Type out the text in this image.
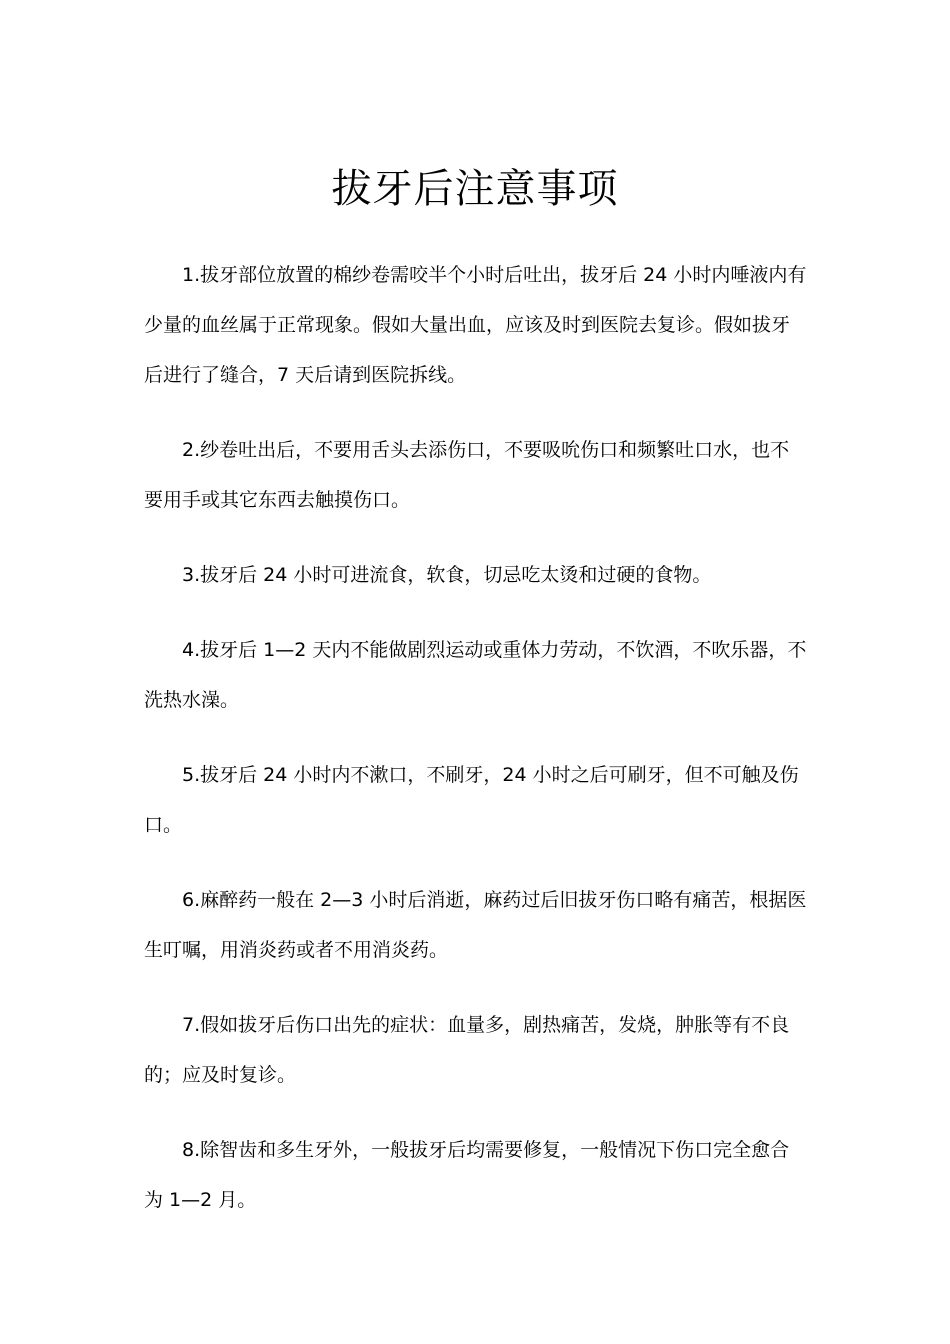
拔牙后注意事项

1.拔牙部位放置的棉纱卷需咬半个小时后吐出，拔牙后 24 小时内唾液内有少量的血丝属于正常现象。假如大量出血，应该及时到医院去复诊。假如拔牙后进行了缝合，7 天后请到医院拆线。

2.纱卷吐出后，不要用舌头去添伤口，不要吸吮伤口和频繁吐口水，也不要用手或其它东西去触摸伤口。

3.拔牙后 24 小时可进流食，软食，切忌吃太烫和过硬的食物。

4.拔牙后 1—2 天内不能做剧烈运动或重体力劳动，不饮酒，不吹乐器，不洗热水澡。

5.拔牙后 24 小时内不漱口，不刷牙，24 小时之后可刷牙，但不可触及伤口。

6.麻醉药一般在 2—3 小时后消逝，麻药过后旧拔牙伤口略有痛苦，根据医生叮嘱，用消炎药或者不用消炎药。

7.假如拔牙后伤口出先的症状：血量多，剧热痛苦，发烧，肿胀等有不良的；应及时复诊。

8.除智齿和多生牙外，一般拔牙后均需要修复，一般情况下伤口完全愈合为 1—2 月。
